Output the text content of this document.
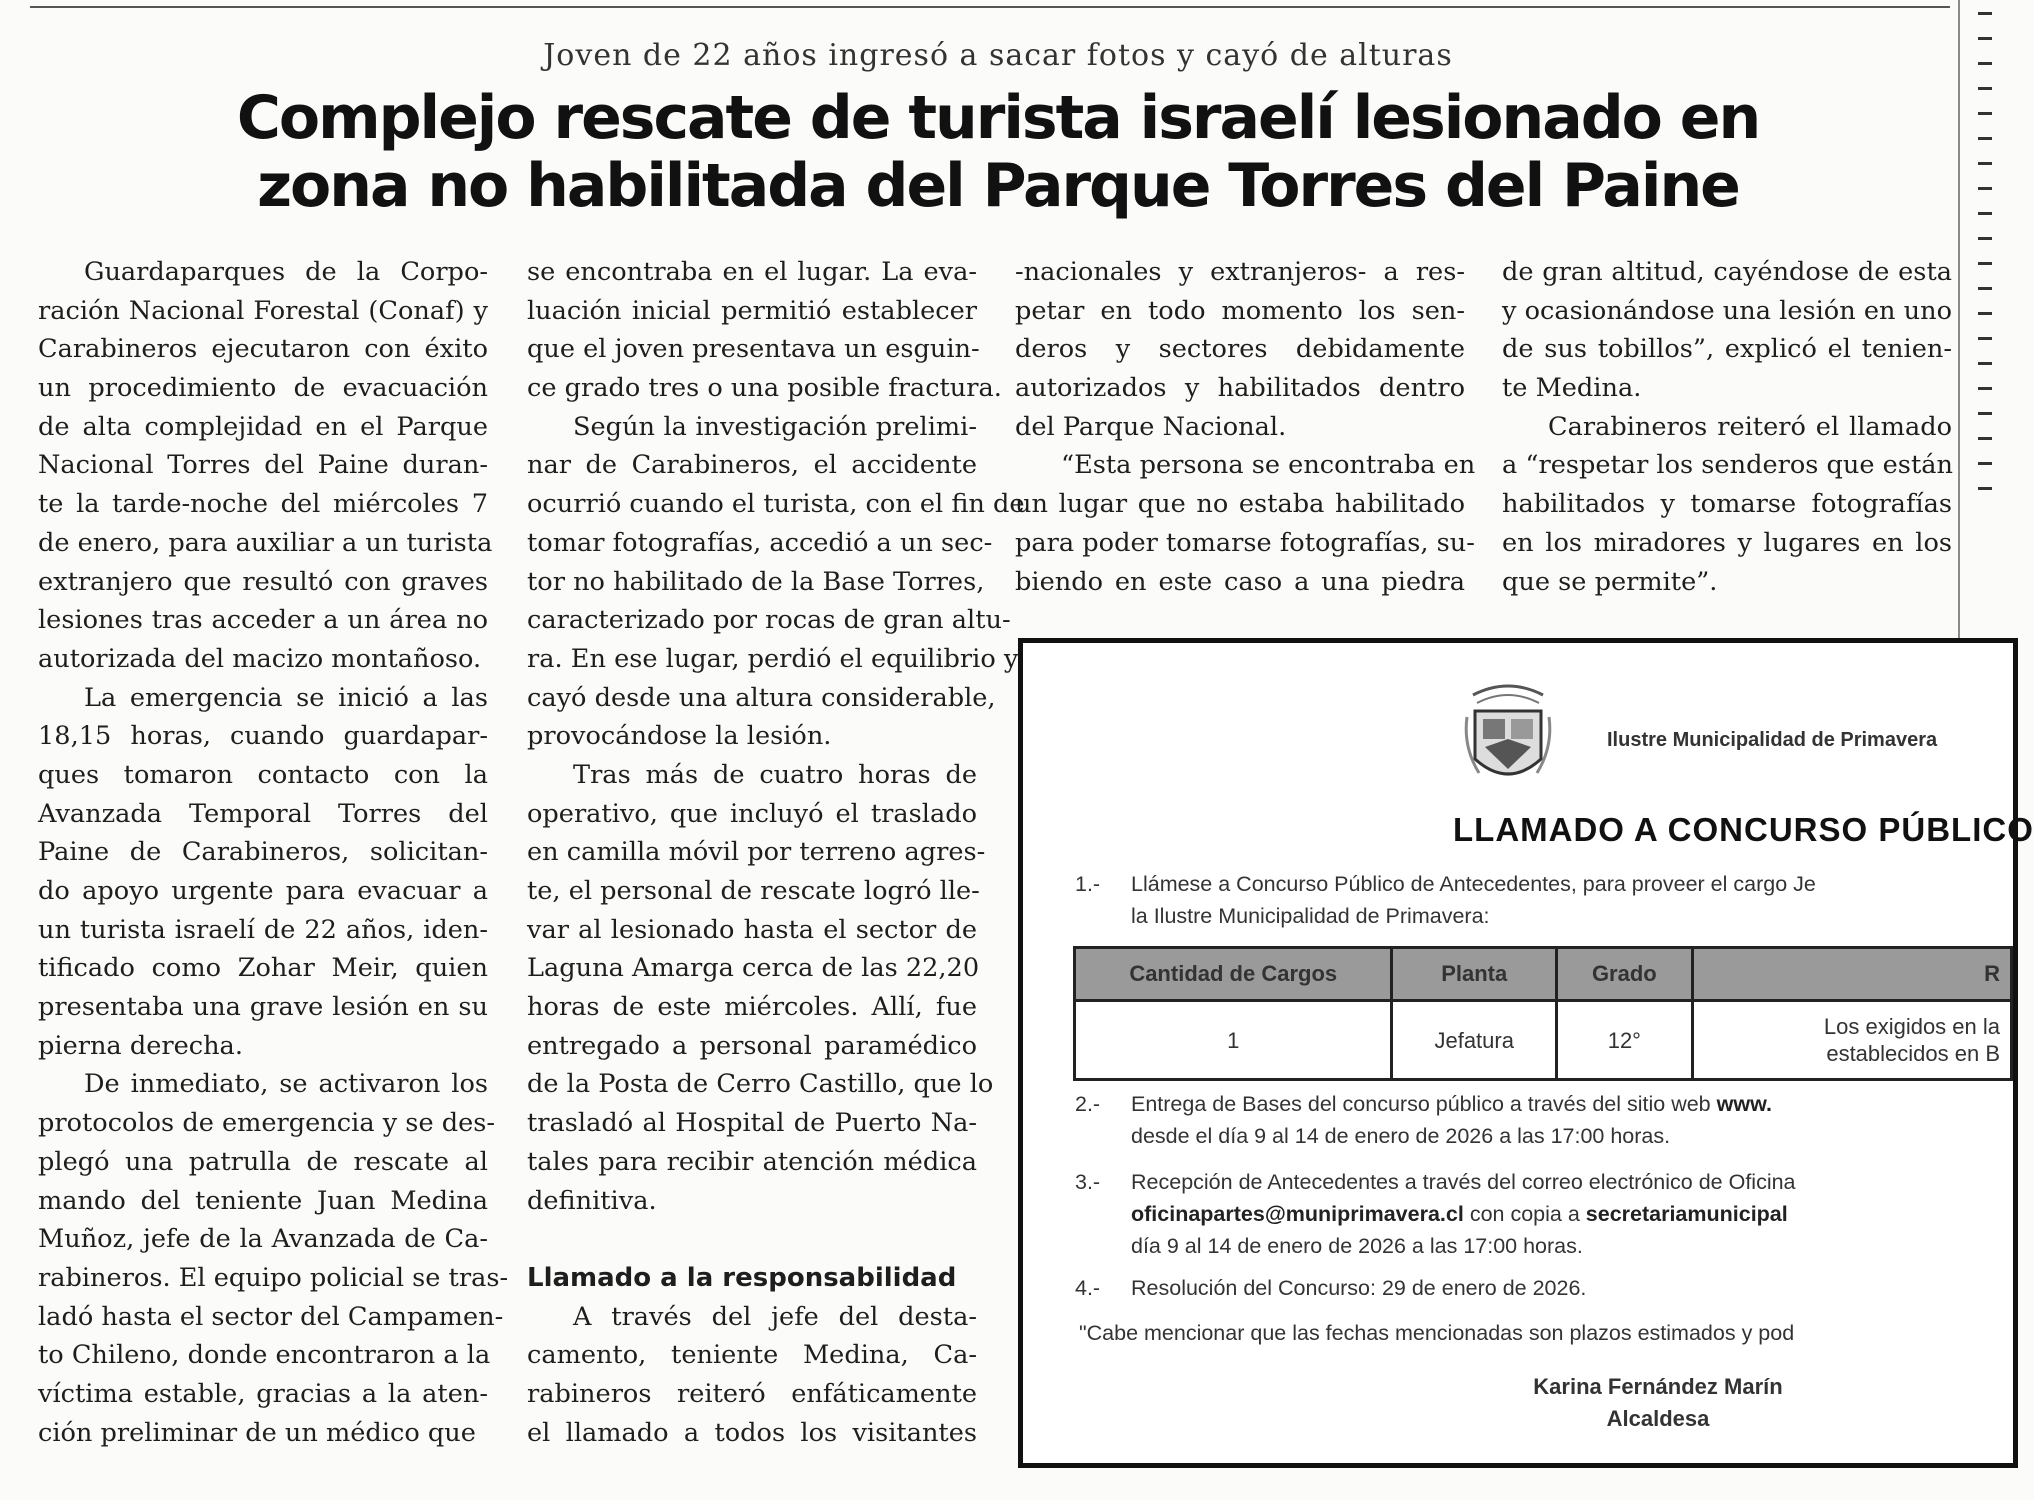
Joven de 22 años ingresó a sacar fotos y cayó de alturas
Complejo rescate de turista israelí lesionado en
zona no habilitada del Parque Torres del Paine
Guardaparques de la Corpo-
ración Nacional Forestal (Conaf) y
Carabineros ejecutaron con éxito
un procedimiento de evacuación
de alta complejidad en el Parque
Nacional Torres del Paine duran-
te la tarde-noche del miércoles 7
de enero, para auxiliar a un turista
extranjero que resultó con graves
lesiones tras acceder a un área no
autorizada del macizo montañoso.
La emergencia se inició a las
18,15 horas, cuando guardapar-
ques tomaron contacto con la
Avanzada Temporal Torres del
Paine de Carabineros, solicitan-
do apoyo urgente para evacuar a
un turista israelí de 22 años, iden-
tificado como Zohar Meir, quien
presentaba una grave lesión en su
pierna derecha.
De inmediato, se activaron los
protocolos de emergencia y se des-
plegó una patrulla de rescate al
mando del teniente Juan Medina
Muñoz, jefe de la Avanzada de Ca-
rabineros. El equipo policial se tras-
ladó hasta el sector del Campamen-
to Chileno, donde encontraron a la
víctima estable, gracias a la aten-
ción preliminar de un médico que
se encontraba en el lugar. La eva-
luación inicial permitió establecer
que el joven presentava un esguin-
ce grado tres o una posible fractura.
Según la investigación prelimi-
nar de Carabineros, el accidente
ocurrió cuando el turista, con el fin de
tomar fotografías, accedió a un sec-
tor no habilitado de la Base Torres,
caracterizado por rocas de gran altu-
ra. En ese lugar, perdió el equilibrio y
cayó desde una altura considerable,
provocándose la lesión.
Tras más de cuatro horas de
operativo, que incluyó el traslado
en camilla móvil por terreno agres-
te, el personal de rescate logró lle-
var al lesionado hasta el sector de
Laguna Amarga cerca de las 22,20
horas de este miércoles. Allí, fue
entregado a personal paramédico
de la Posta de Cerro Castillo, que lo
trasladó al Hospital de Puerto Na-
tales para recibir atención médica
definitiva.
Llamado a la responsabilidad
A través del jefe del desta-
camento, teniente Medina, Ca-
rabineros reiteró enfáticamente
el llamado a todos los visitantes
-nacionales y extranjeros- a res-
petar en todo momento los sen-
deros y sectores debidamente
autorizados y habilitados dentro
del Parque Nacional.
“Esta persona se encontraba en
un lugar que no estaba habilitado
para poder tomarse fotografías, su-
biendo en este caso a una piedra
de gran altitud, cayéndose de esta
y ocasionándose una lesión en uno
de sus tobillos”, explicó el tenien-
te Medina.
Carabineros reiteró el llamado
a “respetar los senderos que están
habilitados y tomarse fotografías
en los miradores y lugares en los
que se permite”.
Ilustre Municipalidad de Primavera
LLAMADO A CONCURSO PÚBLICO
1.- Llámese a Concurso Público de Antecedentes, para proveer el cargo Je
la Ilustre Municipalidad de Primavera:
Cantidad de Cargos	Planta	Grado	R
1	Jefatura	12°	Los exigidos en la
establecidos en B
2.- Entrega de Bases del concurso público a través del sitio web www.
desde el día 9 al 14 de enero de 2026 a las 17:00 horas.
3.- Recepción de Antecedentes a través del correo electrónico de Oficina
oficinapartes@muniprimavera.cl con copia a secretariamunicipal
día 9 al 14 de enero de 2026 a las 17:00 horas.
4.- Resolución del Concurso: 29 de enero de 2026.
"Cabe mencionar que las fechas mencionadas son plazos estimados y pod
Karina Fernández Marín
Alcaldesa
